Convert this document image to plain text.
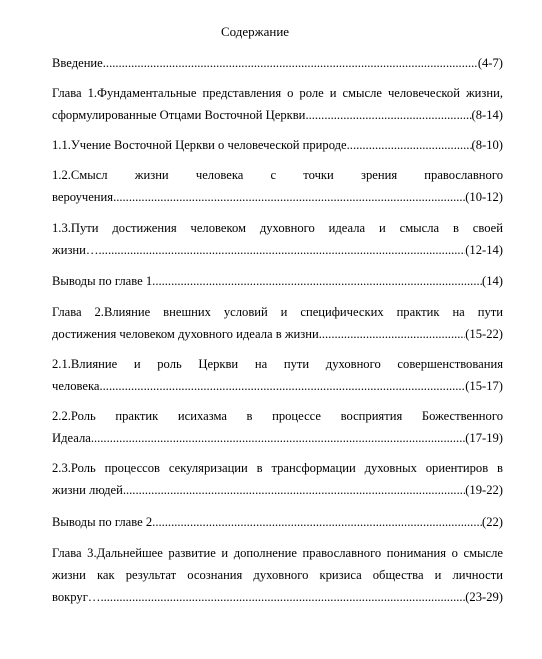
Содержание
Введение .....	(4-7)
Глава 1.Фундаментальные представления о роле и смысле человеческой жизни,
сформулированные Отцами Восточной Церкви .....	(8-14)
1.1.Учение Восточной Церкви о человеческой природе .....	(8-10)
1.2.Смысл жизни человека с точки зрения православного
вероучения .....	(10-12)
1.3.Пути достижения человеком духовного идеала и смысла в своей
жизни… .....	(12-14)
Выводы по главе 1 .....	(14)
Глава 2.Влияние внешних условий и специфических практик на пути
достижения человеком духовного идеала в жизни .....	(15-22)
2.1.Влияние и роль Церкви на пути духовного совершенствования
человека .....	(15-17)
2.2.Роль практик исихазма в процессе восприятия Божественного
Идеала .....	(17-19)
2.3.Роль процессов секуляризации в трансформации духовных ориентиров в
жизни людей .....	(19-22)
Выводы по главе 2 .....	(22)
Глава 3.Дальнейшее развитие и дополнение православного понимания о смысле
жизни как результат осознания духовного кризиса общества и личности
вокруг… .....	(23-29)
